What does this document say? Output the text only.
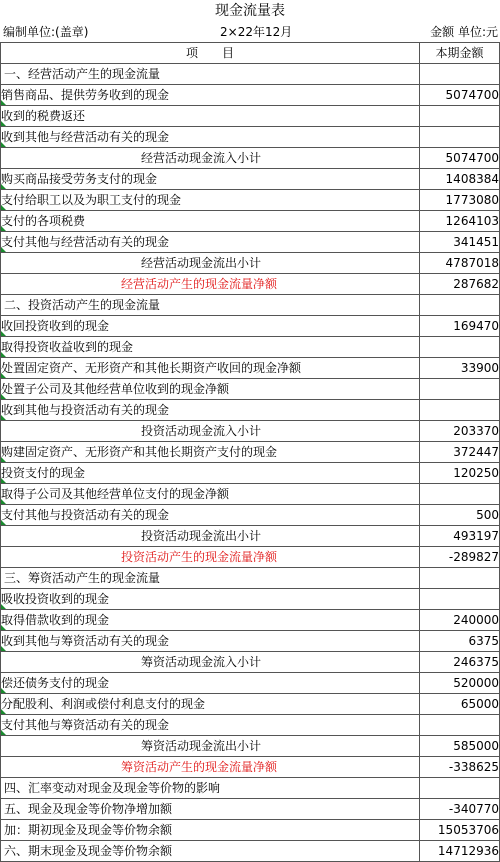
现金流量表
编制单位:(盖章)	2×22年12月	金额 单位:元
项　　目	本期金额
一、经营活动产生的现金流量	
销售商品、提供劳务收到的现金	5074700
收到的税费返还

收到其他与经营活动有关的现金

经营活动现金流入小计	5074700
购买商品接受劳务支付的现金	1408384
支付给职工以及为职工支付的现金	1773080
支付的各项税费	1264103
支付其他与经营活动有关的现金	341451
经营活动现金流出小计	4787018
经营活动产生的现金流量净额	287682
二、投资活动产生的现金流量	
收回投资收到的现金	169470
取得投资收益收到的现金

处置固定资产、无形资产和其他长期资产收回的现金净额	33900
处置子公司及其他经营单位收到的现金净额

收到其他与投资活动有关的现金

投资活动现金流入小计	203370
购建固定资产、无形资产和其他长期资产支付的现金	372447
投资支付的现金	120250
取得子公司及其他经营单位支付的现金净额

支付其他与投资活动有关的现金	500
投资活动现金流出小计	493197
投资活动产生的现金流量净额	-289827
三、筹资活动产生的现金流量	
吸收投资收到的现金

取得借款收到的现金	240000
收到其他与筹资活动有关的现金	6375
筹资活动现金流入小计	246375
偿还债务支付的现金	520000
分配股利、利润或偿付利息支付的现金	65000
支付其他与筹资活动有关的现金

筹资活动现金流出小计	585000
筹资活动产生的现金流量净额	-338625
四、汇率变动对现金及现金等价物的影响	
五、现金及现金等价物净增加额	-340770
加：期初现金及现金等价物余额	15053706
六、期末现金及现金等价物余额	14712936
